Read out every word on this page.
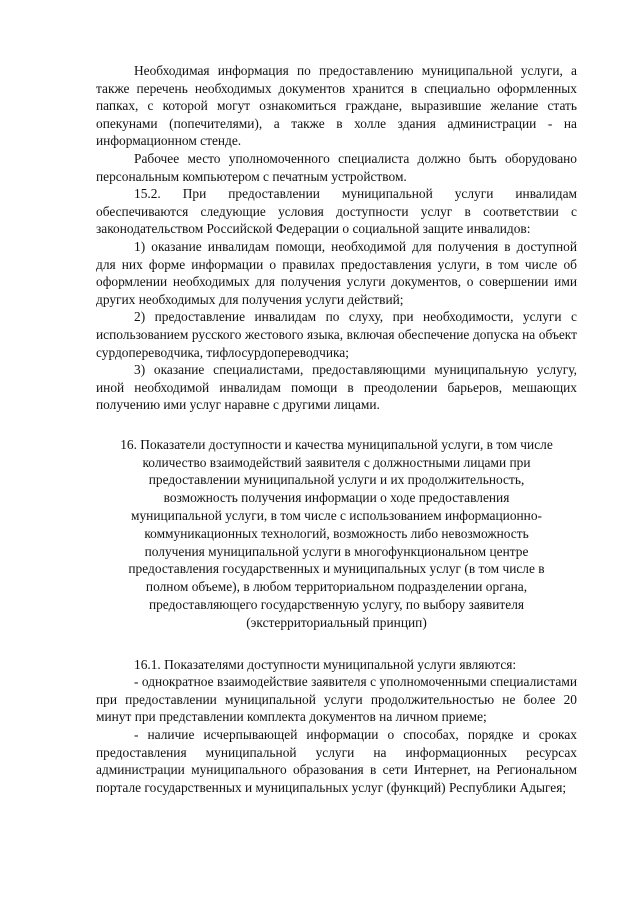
Необходимая информация по предоставлению муниципальной услуги, а также перечень необходимых документов хранится в специально оформленных папках, с которой могут ознакомиться граждане, выразившие желание стать опекунами (попечителями), а также в холле здания администрации - на информационном стенде.

Рабочее место уполномоченного специалиста должно быть оборудовано персональным компьютером с печатным устройством.

15.2. При предоставлении муниципальной услуги инвалидам обеспечиваются следующие условия доступности услуг в соответствии с законодательством Российской Федерации о социальной защите инвалидов:

1) оказание инвалидам помощи, необходимой для получения в доступной для них форме информации о правилах предоставления услуги, в том числе об оформлении необходимых для получения услуги документов, о совершении ими других необходимых для получения услуги действий;

2) предоставление инвалидам по слуху, при необходимости, услуги с использованием русского жестового языка, включая обеспечение допуска на объект сурдопереводчика, тифлосурдопереводчика;

3) оказание специалистами, предоставляющими муниципальную услугу, иной необходимой инвалидам помощи в преодолении барьеров, мешающих получению ими услуг наравне с другими лицами.

16. Показатели доступности и качества муниципальной услуги, в том числе
количество взаимодействий заявителя с должностными лицами при
предоставлении муниципальной услуги и их продолжительность,
возможность получения информации о ходе предоставления
муниципальной услуги, в том числе с использованием информационно-
коммуникационных технологий, возможность либо невозможность
получения муниципальной услуги в многофункциональном центре
предоставления государственных и муниципальных услуг (в том числе в
полном объеме), в любом территориальном подразделении органа,
предоставляющего государственную услугу, по выбору заявителя
(экстерриториальный принцип)

16.1. Показателями доступности муниципальной услуги являются:

- однократное взаимодействие заявителя с уполномоченными специалистами при предоставлении муниципальной услуги продолжительностью не более 20 минут при представлении комплекта документов на личном приеме;

- наличие исчерпывающей информации о способах, порядке и сроках предоставления муниципальной услуги на информационных ресурсах администрации муниципального образования в сети Интернет, на Региональном портале государственных и муниципальных услуг (функций) Республики Адыгея;
